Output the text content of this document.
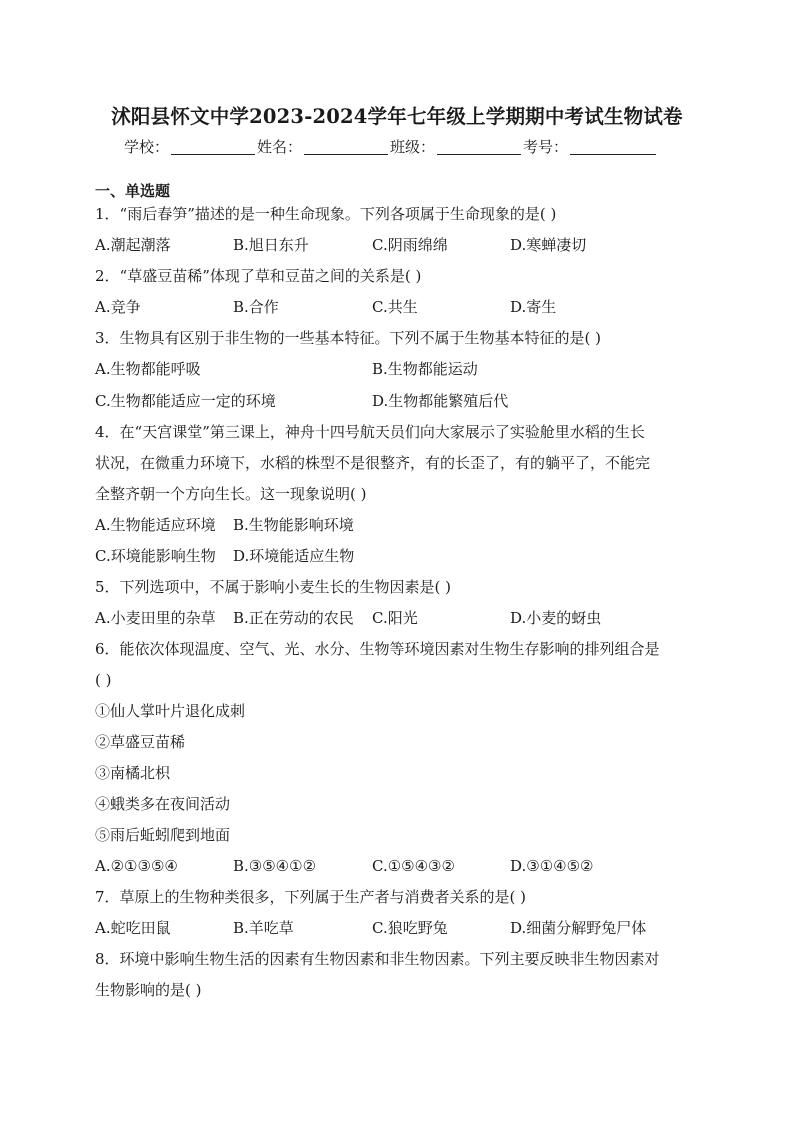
沭阳县怀文中学2023-2024学年七年级上学期期中考试生物试卷
学校：	姓名：	班级：	考号：
一、单选题
1．“雨后春笋”描述的是一种生命现象。下列各项属于生命现象的是( )
A.潮起潮落	B.旭日东升	C.阴雨绵绵	D.寒蝉凄切
2．“草盛豆苗稀”体现了草和豆苗之间的关系是( )
A.竞争	B.合作	C.共生	D.寄生
3．生物具有区别于非生物的一些基本特征。下列不属于生物基本特征的是( )
A.生物都能呼吸	B.生物都能运动
C.生物都能适应一定的环境	D.生物都能繁殖后代
4．在“天宫课堂”第三课上，神舟十四号航天员们向大家展示了实验舱里水稻的生长
状况，在微重力环境下，水稻的株型不是很整齐，有的长歪了，有的躺平了，不能完
全整齐朝一个方向生长。这一现象说明( )
A.生物能适应环境 B.生物能影响环境
C.环境能影响生物 D.环境能适应生物
5．下列选项中，不属于影响小麦生长的生物因素是( )
A.小麦田里的杂草 B.正在劳动的农民 C.阳光	D.小麦的蚜虫
6．能依次体现温度、空气、光、水分、生物等环境因素对生物生存影响的排列组合是
( )
①仙人掌叶片退化成刺
②草盛豆苗稀
③南橘北枳
④蛾类多在夜间活动
⑤雨后蚯蚓爬到地面
A.②①③⑤④	B.③⑤④①②	C.①⑤④③②	D.③①④⑤②
7．草原上的生物种类很多，下列属于生产者与消费者关系的是( )
A.蛇吃田鼠	B.羊吃草	C.狼吃野兔	D.细菌分解野兔尸体
8．环境中影响生物生活的因素有生物因素和非生物因素。下列主要反映非生物因素对
生物影响的是( )
